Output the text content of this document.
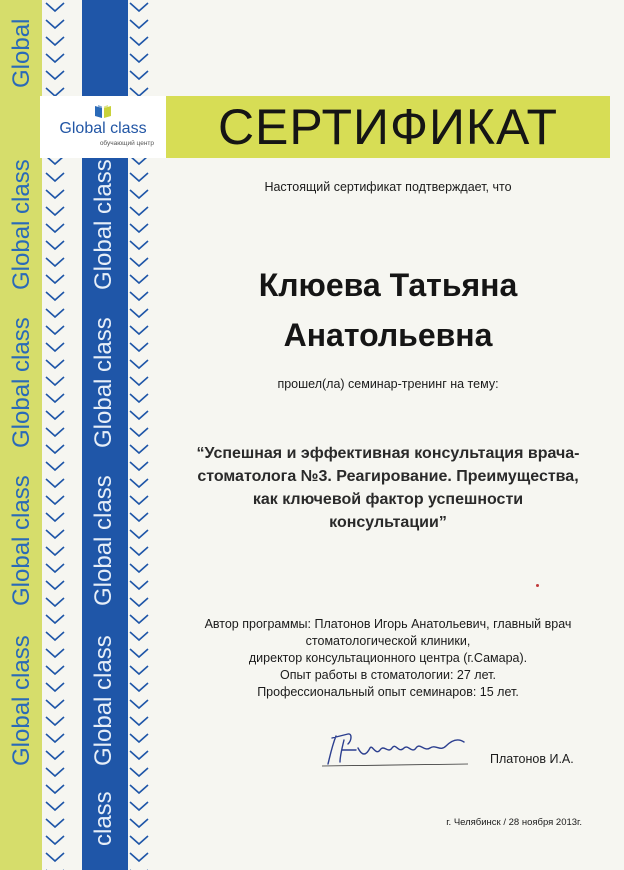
Global
Global class
Global class
Global class
Global class
Global class
Global class
Global class
Global class
class
Global class
обучающий центр	СЕРТИФИКАТ
Настоящий сертификат подтверждает, что
Клюева Татьяна
Анатольевна
прошел(ла) семинар-тренинг на тему:
“Успешная и эффективная консультация врача-
стоматолога №3. Реагирование. Преимущества,
как ключевой фактор успешности
консультации”
Автор программы: Платонов Игорь Анатольевич, главный врач
стоматологической клиники,
директор консультационного центра (г.Самара).
Опыт работы в стоматологии: 27 лет.
Профессиональный опыт семинаров: 15 лет.
Платонов И.А.
г. Челябинск / 28 ноября 2013г.
